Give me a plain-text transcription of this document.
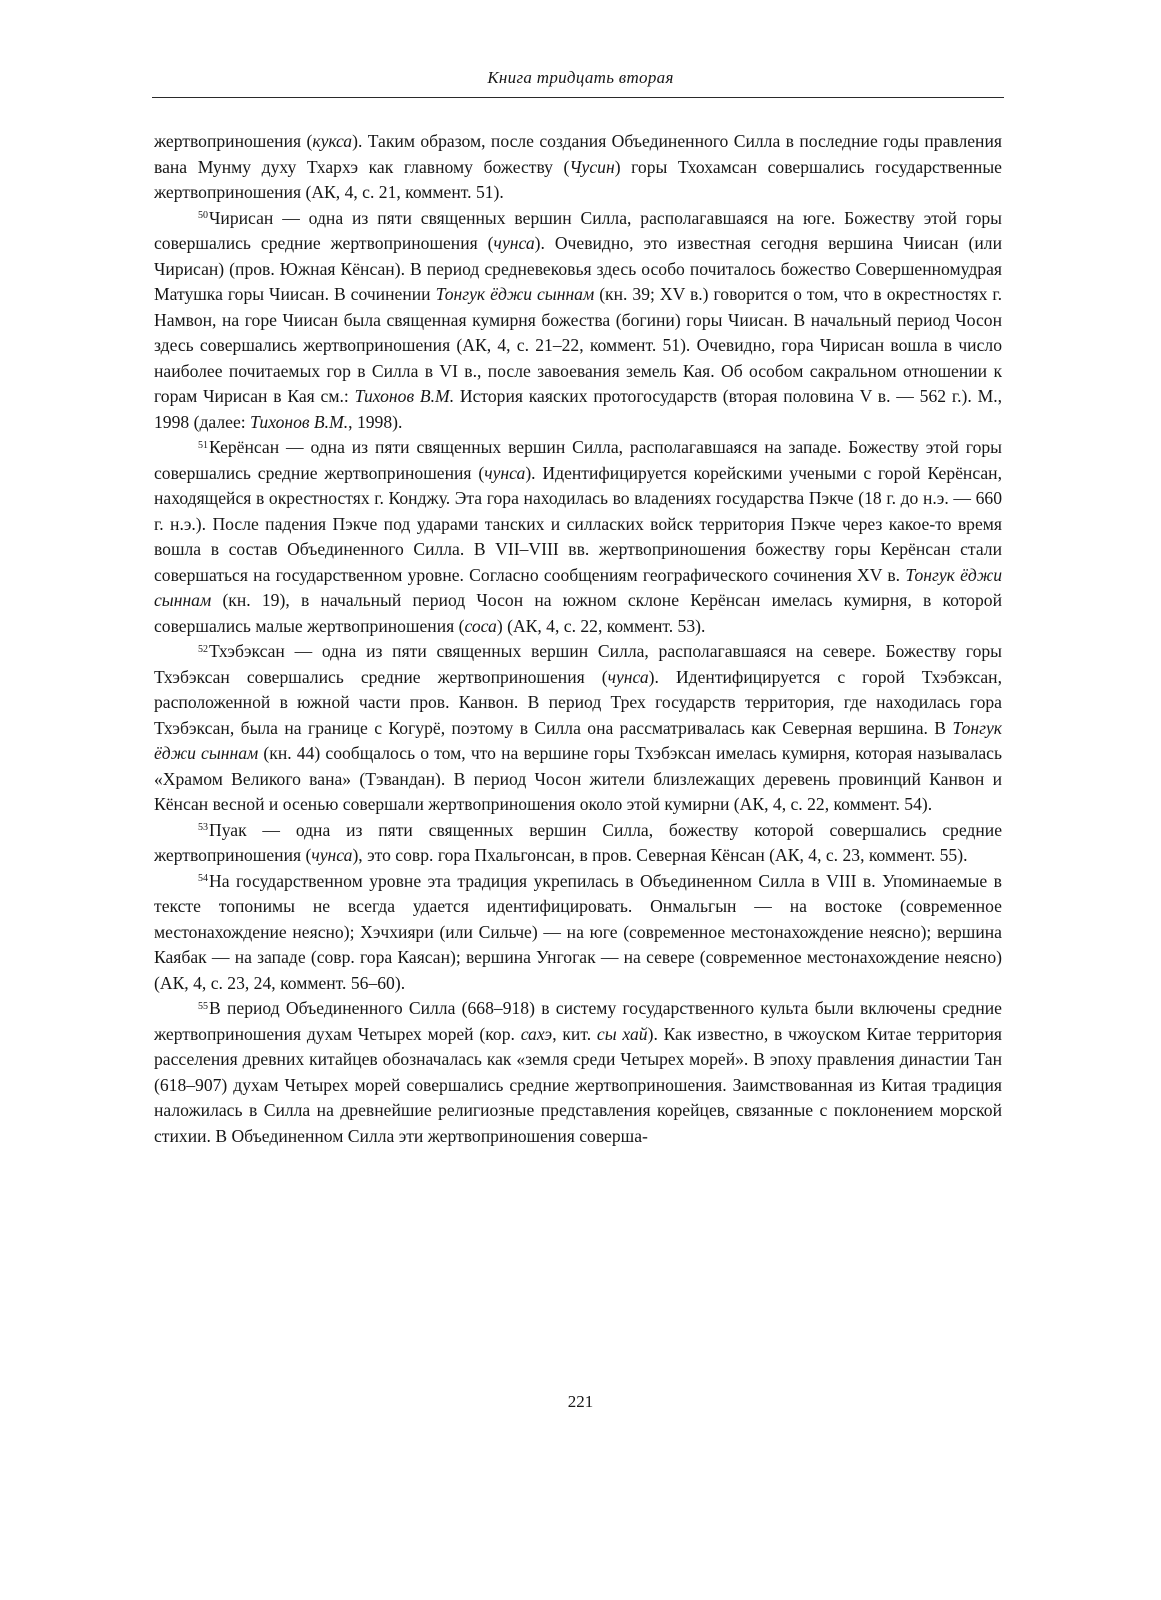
Книга тридцать вторая

жертвоприношения (кукса). Таким образом, после создания Объединенного Силла в последние годы правления вана Мунму духу Тхархэ как главному божеству (Чусин) горы Тхохамсан совершались государственные жертвоприношения (АК, 4, с. 21, коммент. 51).

$^{50}$Чирисан — одна из пяти священных вершин Силла, располагавшаяся на юге. Божеству этой горы совершались средние жертвоприношения (чунса). Очевидно, это известная сегодня вершина Чиисан (или Чирисан) (пров. Южная Кёнсан). В период средневековья здесь особо почиталось божество Совершенномудрая Матушка горы Чиисан. В сочинении Тонгук ёджи сыннам (кн. 39; XV в.) говорится о том, что в окрестностях г. Намвон, на горе Чиисан была священная кумирня божества (богини) горы Чиисан. В начальный период Чосон здесь совершались жертвоприношения (АК, 4, с. 21–22, коммент. 51). Очевидно, гора Чирисан вошла в число наиболее почитаемых гор в Силла в VI в., после завоевания земель Кая. Об особом сакральном отношении к горам Чирисан в Кая см.: Тихонов В.М. История каяских протогосударств (вторая половина V в. — 562 г.). М., 1998 (далее: Тихонов В.М., 1998).

$^{51}$Керёнсан — одна из пяти священных вершин Силла, располагавшаяся на западе. Божеству этой горы совершались средние жертвоприношения (чунса). Идентифицируется корейскими учеными с горой Керёнсан, находящейся в окрестностях г. Конджу. Эта гора находилась во владениях государства Пэкче (18 г. до н.э. — 660 г. н.э.). После падения Пэкче под ударами танских и силласких войск территория Пэкче через какое-то время вошла в состав Объединенного Силла. В VII–VIII вв. жертвоприношения божеству горы Керёнсан стали совершаться на государственном уровне. Согласно сообщениям географического сочинения XV в. Тонгук ёджи сыннам (кн. 19), в начальный период Чосон на южном склоне Керёнсан имелась кумирня, в которой совершались малые жертвоприношения (соса) (АК, 4, с. 22, коммент. 53).

$^{52}$Тхэбэксан — одна из пяти священных вершин Силла, располагавшаяся на севере. Божеству горы Тхэбэксан совершались средние жертвоприношения (чунса). Идентифицируется с горой Тхэбэксан, расположенной в южной части пров. Канвон. В период Трех государств территория, где находилась гора Тхэбэксан, была на границе с Когурё, поэтому в Силла она рассматривалась как Северная вершина. В Тонгук ёджи сыннам (кн. 44) сообщалось о том, что на вершине горы Тхэбэксан имелась кумирня, которая называлась «Храмом Великого вана» (Тэвандан). В период Чосон жители близлежащих деревень провинций Канвон и Кёнсан весной и осенью совершали жертвоприношения около этой кумирни (АК, 4, с. 22, коммент. 54).

$^{53}$Пуак — одна из пяти священных вершин Силла, божеству которой совершались средние жертвоприношения (чунса), это совр. гора Пхальгонсан, в пров. Северная Кёнсан (АК, 4, с. 23, коммент. 55).

$^{54}$На государственном уровне эта традиция укрепилась в Объединенном Силла в VIII в. Упоминаемые в тексте топонимы не всегда удается идентифицировать. Онмальгын — на востоке (современное местонахождение неясно); Хэчхияри (или Сильче) — на юге (современное местонахождение неясно); вершина Каябак — на западе (совр. гора Каясан); вершина Унгогак — на севере (современное местонахождение неясно) (АК, 4, с. 23, 24, коммент. 56–60).

$^{55}$В период Объединенного Силла (668–918) в систему государственного культа были включены средние жертвоприношения духам Четырех морей (кор. сахэ, кит. сы хай). Как известно, в чжоуском Китае территория расселения древних китайцев обозначалась как «земля среди Четырех морей». В эпоху правления династии Тан (618–907) духам Четырех морей совершались средние жертвоприношения. Заимствованная из Китая традиция наложилась в Силла на древнейшие религиозные представления корейцев, связанные с поклонением морской стихии. В Объединенном Силла эти жертвоприношения соверша-

221
